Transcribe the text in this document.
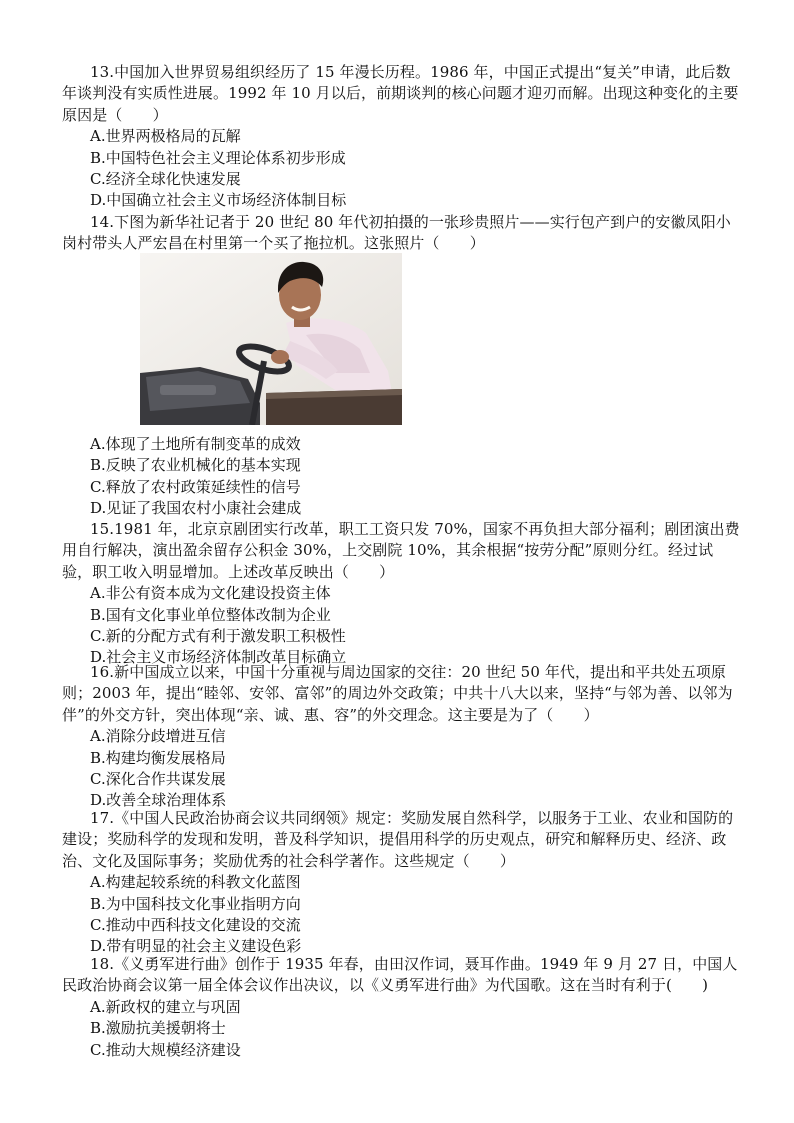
13.中国加入世界贸易组织经历了 15 年漫长历程。1986 年，中国正式提出“复关”申请，此后数年谈判没有实质性进展。1992 年 10 月以后，前期谈判的核心问题才迎刃而解。出现这种变化的主要原因是（　　）

A.世界两极格局的瓦解

B.中国特色社会主义理论体系初步形成

C.经济全球化快速发展

D.中国确立社会主义市场经济体制目标

14.下图为新华社记者于 20 世纪 80 年代初拍摄的一张珍贵照片——实行包产到户的安徽凤阳小岗村带头人严宏昌在村里第一个买了拖拉机。这张照片（　　）

A.体现了土地所有制变革的成效

B.反映了农业机械化的基本实现

C.释放了农村政策延续性的信号

D.见证了我国农村小康社会建成

15.1981 年，北京京剧团实行改革，职工工资只发 70%，国家不再负担大部分福利；剧团演出费用自行解决，演出盈余留存公积金 30%，上交剧院 10%，其余根据“按劳分配”原则分红。经过试验，职工收入明显增加。上述改革反映出（　　）

A.非公有资本成为文化建设投资主体

B.国有文化事业单位整体改制为企业

C.新的分配方式有利于激发职工积极性

D.社会主义市场经济体制改革目标确立

16.新中国成立以来，中国十分重视与周边国家的交往：20 世纪 50 年代，提出和平共处五项原则；2003 年，提出“睦邻、安邻、富邻”的周边外交政策；中共十八大以来，坚持“与邻为善、以邻为伴”的外交方针，突出体现“亲、诚、惠、容”的外交理念。这主要是为了（　　）

A.消除分歧增进互信

B.构建均衡发展格局

C.深化合作共谋发展

D.改善全球治理体系

17.《中国人民政治协商会议共同纲领》规定：奖励发展自然科学，以服务于工业、农业和国防的建设；奖励科学的发现和发明，普及科学知识，提倡用科学的历史观点，研究和解释历史、经济、政治、文化及国际事务；奖励优秀的社会科学著作。这些规定（　　）

A.构建起较系统的科教文化蓝图

B.为中国科技文化事业指明方向

C.推动中西科技文化建设的交流

D.带有明显的社会主义建设色彩

18.《义勇军进行曲》创作于 1935 年春，由田汉作词，聂耳作曲。1949 年 9 月 27 日，中国人民政治协商会议第一届全体会议作出决议，以《义勇军进行曲》为代国歌。这在当时有利于(　　)

A.新政权的建立与巩固

B.激励抗美援朝将士

C.推动大规模经济建设
